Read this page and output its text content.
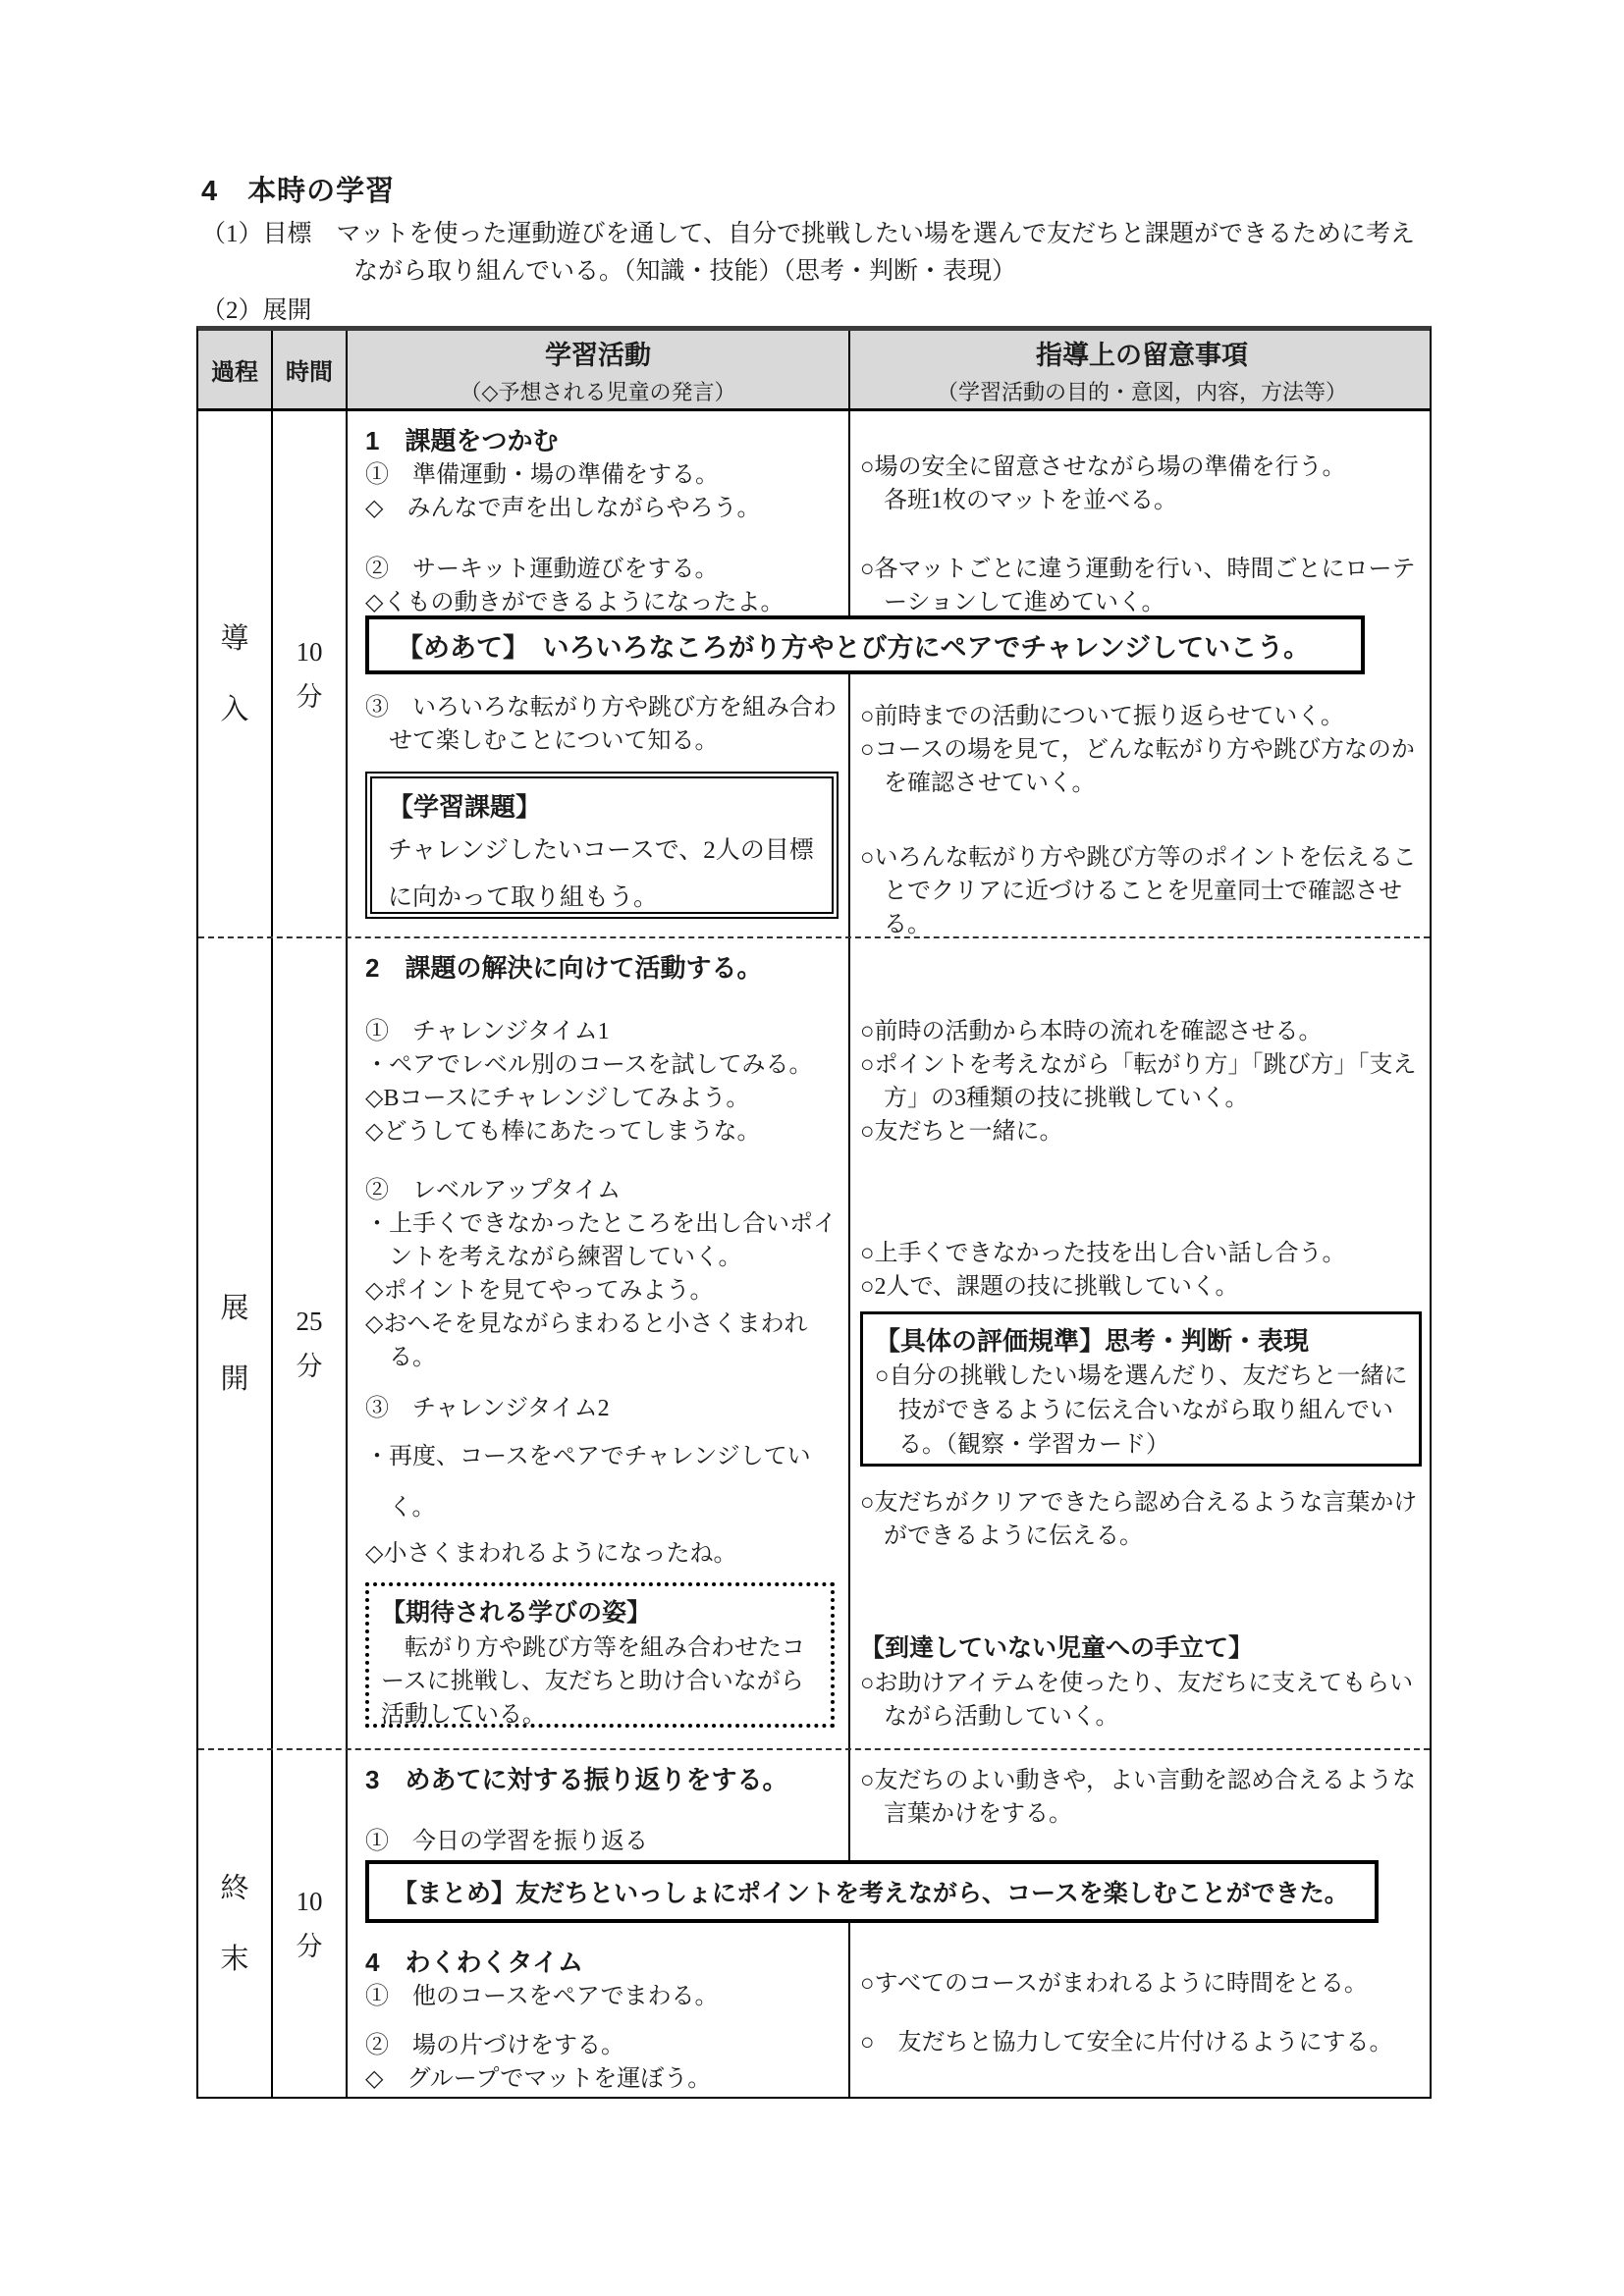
4　本時の学習
（1）目標　マットを使った運動遊びを通して、自分で挑戦したい場を選んで友だちと課題ができるために考え
ながら取り組んでいる。（知識・技能）（思考・判断・表現）
（2）展開
過程 時間
学習活動
（◇予想される児童の発言）
指導上の留意事項
（学習活動の目的・意図，内容，方法等）
導
入
10
分
1　課題をつかむ
①　準備運動・場の準備をする。
◇　みんなで声を出しながらやろう。
②　サーキット運動遊びをする。
◇くもの動きができるようになったよ。
③　いろいろな転がり方や跳び方を組み合わせて楽しむことについて知る。
【学習課題】
チャレンジしたいコースで、2人の目標
に向かって取り組もう。
○場の安全に留意させながら場の準備を行う。
各班1枚のマットを並べる。
○各マットごとに違う運動を行い、時間ごとにローテーションして進めていく。
○前時までの活動について振り返らせていく。
○コースの場を見て，どんな転がり方や跳び方なのかを確認させていく。
○いろんな転がり方や跳び方等のポイントを伝えることでクリアに近づけることを児童同士で確認させる。
【めあて】　いろいろなころがり方やとび方にペアでチャレンジしていこう。
展
開
25
分
2　課題の解決に向けて活動する。
①　チャレンジタイム1
・ペアでレベル別のコースを試してみる。
◇Bコースにチャレンジしてみよう。
◇どうしても棒にあたってしまうな。
②　レベルアップタイム
・上手くできなかったところを出し合いポイントを考えながら練習していく。
◇ポイントを見てやってみよう。
◇おへそを見ながらまわると小さくまわれる。
③　チャレンジタイム2
・再度、コースをペアでチャレンジしていく。
◇小さくまわれるようになったね。
【期待される学びの姿】
　転がり方や跳び方等を組み合わせたコースに挑戦し、友だちと助け合いながら活動している。
○前時の活動から本時の流れを確認させる。
○ポイントを考えながら「転がり方」「跳び方」「支え方」の3種類の技に挑戦していく。
○友だちと一緒に。
○上手くできなかった技を出し合い話し合う。
○2人で、課題の技に挑戦していく。
【具体の評価規準】思考・判断・表現
○自分の挑戦したい場を選んだり、友だちと一緒に技ができるように伝え合いながら取り組んでいる。（観察・学習カード）
○友だちがクリアできたら認め合えるような言葉かけができるように伝える。
【到達していない児童への手立て】
○お助けアイテムを使ったり、友だちに支えてもらいながら活動していく。
終
末
10
分
3　めあてに対する振り返りをする。
①　今日の学習を振り返る
4　わくわくタイム
①　他のコースをペアでまわる。
②　場の片づけをする。
◇　グループでマットを運ぼう。
○友だちのよい動きや，よい言動を認め合えるような言葉かけをする。
○すべてのコースがまわれるように時間をとる。
○　友だちと協力して安全に片付けるようにする。
【まとめ】友だちといっしょにポイントを考えながら、コースを楽しむことができた。
